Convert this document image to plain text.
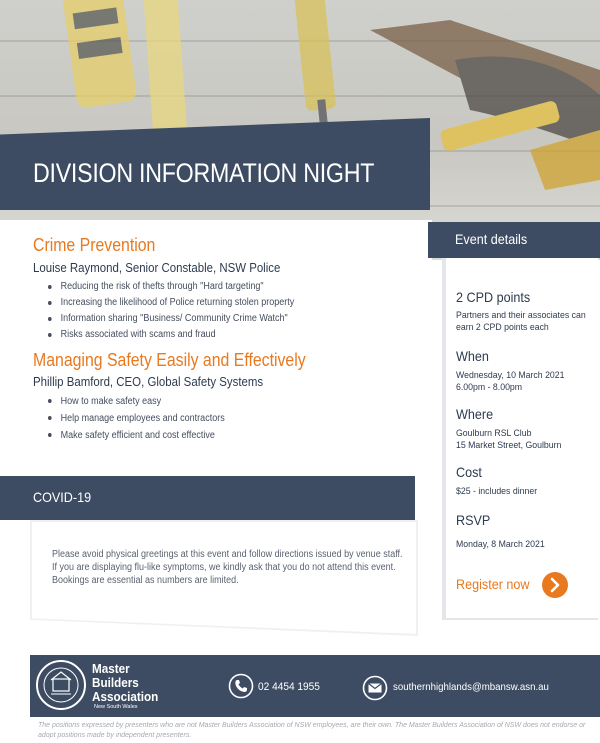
DIVISION INFORMATION NIGHT
Crime Prevention
Louise Raymond, Senior Constable, NSW Police
Reducing the risk of thefts through "Hard targeting"
Increasing the likelihood of Police returning stolen property
Information sharing "Business/ Community Crime Watch"
Risks associated with scams and fraud
Managing Safety Easily and Effectively
Phillip Bamford, CEO, Global Safety Systems
How to make safety easy
Help manage employees and contractors
Make safety efficient and cost effective
COVID-19

Please avoid physical greetings at this event and follow directions issued by venue staff.

If you are displaying flu-like symptoms, we kindly ask that you do not attend this event.

Bookings are essential as numbers are limited.

Event details
2 CPD points
Partners and their associates can
earn 2 CPD points each
When
Wednesday, 10 March 2021
6.00pm - 8.00pm
Where
Goulburn RSL Club
15 Market Street, Goulburn
Cost
$25 - includes dinner
RSVP
Monday, 8 March 2021
Register now
Master
Builders
Association
New South Wales
02 4454 1955	southernhighlands@mbansw.asn.au
The positions expressed by presenters who are not Master Builders Association of NSW employees, are their own. The Master Builders Association of NSW does not endorse or adopt positions made by independent presenters.
